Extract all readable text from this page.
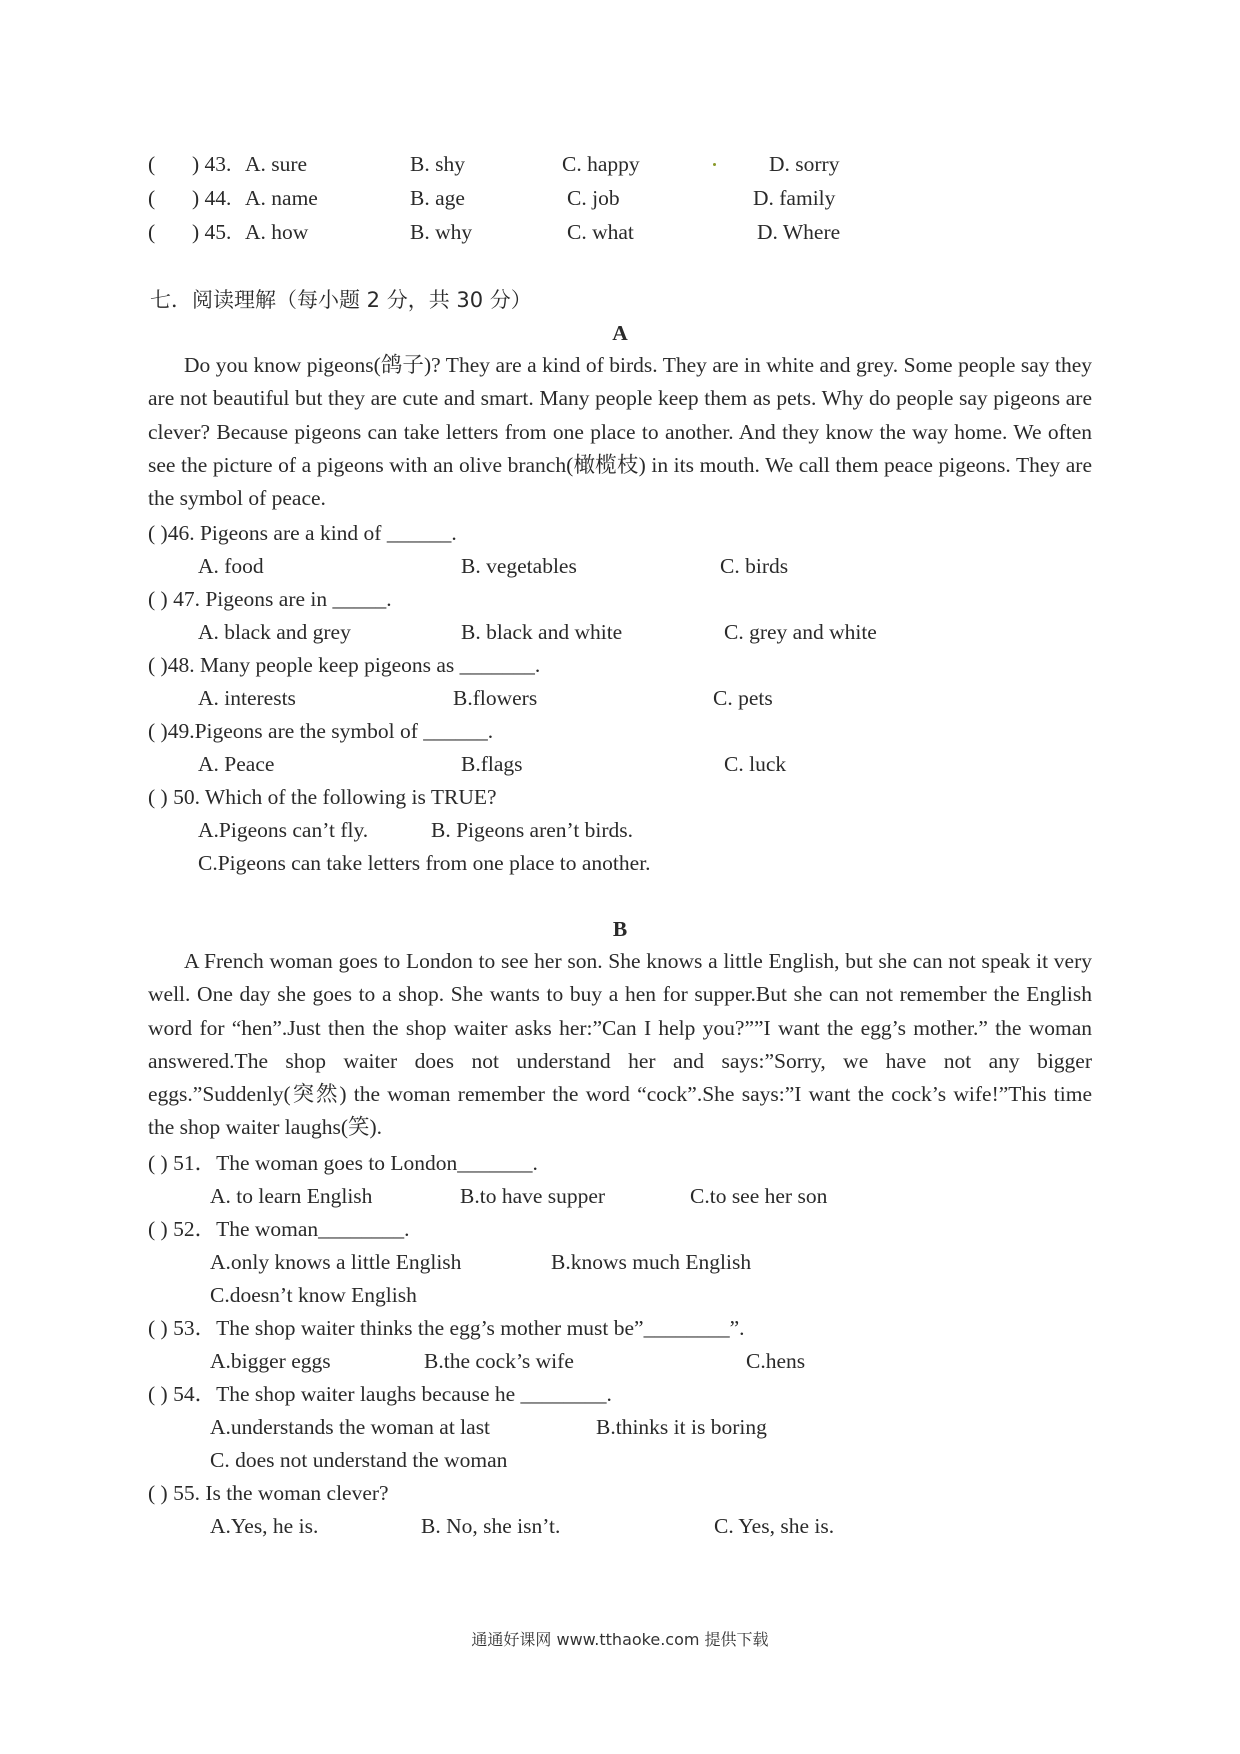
( ) 43. A. sure	B. shy	C. happy	D. sorry
( ) 44. A. name	B. age	C. job	D. family
( ) 45. A. how	B. why	C. what	D. Where
七．阅读理解（每小题 2 分，共 30 分）
A

Do you know pigeons(鸽子)? They are a kind of birds. They are in white and grey. Some people say they are not beautiful but they are cute and smart. Many people keep them as pets. Why do people say pigeons are clever? Because pigeons can take letters from one place to another. And they know the way home. We often see the picture of a pigeons with an olive branch(橄榄枝) in its mouth. We call them peace pigeons. They are the symbol of peace.

( )46. Pigeons are a kind of ______.
A. food	B. vegetables	C. birds
( ) 47. Pigeons are in _____.
A. black and grey	B. black and white	C. grey and white
( )48. Many people keep pigeons as _______.
A. interests	B.flowers	C. pets
( )49.Pigeons are the symbol of ______.
A. Peace	B.flags	C. luck
( ) 50. Which of the following is TRUE?
A.Pigeons can’t fly.	B. Pigeons aren’t birds.
C.Pigeons can take letters from one place to another.
B

A French woman goes to London to see her son. She knows a little English, but she can not speak it very well. One day she goes to a shop. She wants to buy a hen for supper.But she can not remember the English word for “hen”.Just then the shop waiter asks her:”Can I help you?””I want the egg’s mother.” the woman answered.The shop waiter does not understand her and says:”Sorry, we have not any bigger eggs.”Suddenly(突然) the woman remember the word “cock”.She says:”I want the cock’s wife!”This time the shop waiter laughs(笑).

( ) 51．The woman goes to London_______.
A. to learn English	B.to have supper	C.to see her son
( ) 52．The woman________.
A.only knows a little English	B.knows much English
C.doesn’t know English
( ) 53．The shop waiter thinks the egg’s mother must be”________”.
A.bigger eggs	B.the cock’s wife	C.hens
( ) 54．The shop waiter laughs because he ________.
A.understands the woman at last	B.thinks it is boring
C. does not understand the woman
( ) 55. Is the woman clever?
A.Yes, he is.	B. No, she isn’t.	C. Yes, she is.
通通好课网 www.tthaoke.com 提供下载
